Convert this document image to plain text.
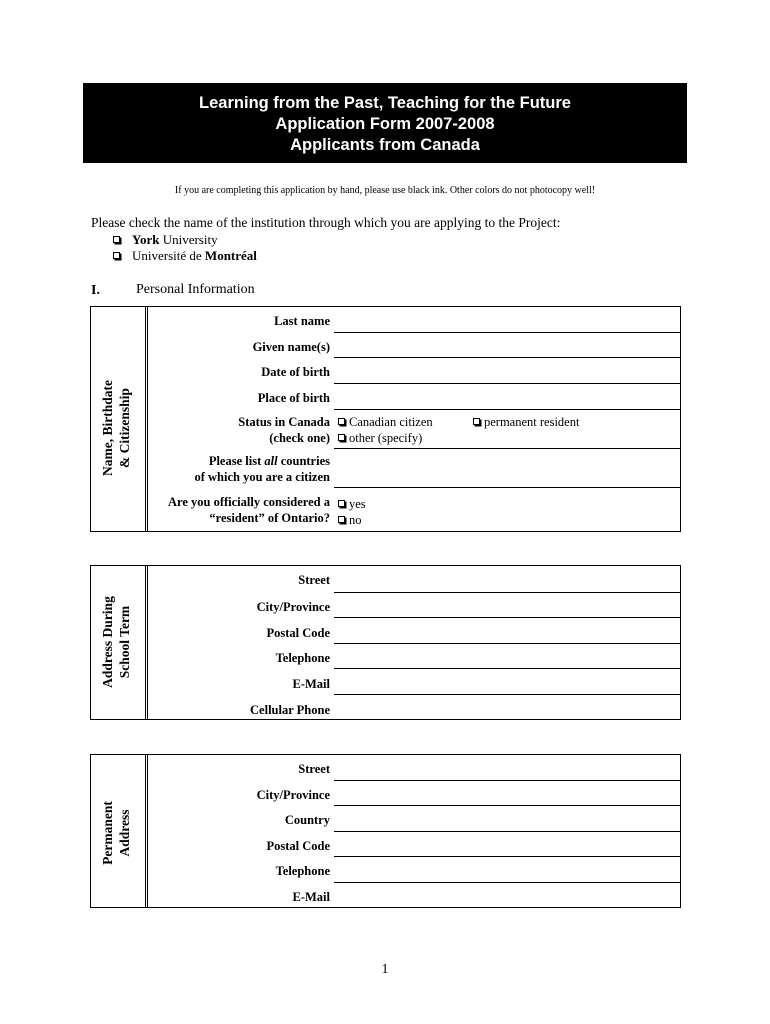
Learning from the Past, Teaching for the Future
Application Form 2007-2008
Applicants from Canada
If you are completing this application by hand, please use black ink. Other colors do not photocopy well!
Please check the name of the institution through which you are applying to the Project:
York University
Université de Montréal
I.	Personal Information
Name, Birthdate & Citizenship
Last name
Given name(s)
Date of birth
Place of birth
Status in Canada
(check one)
Canadian citizen	permanent resident
other (specify)
Please list all countries
of which you are a citizen
Are you officially considered a
“resident” of Ontario?
yes
no
Address During School Term
Street
City/Province
Postal Code
Telephone
E-Mail
Cellular Phone
Permanent Address
Street
City/Province
Country
Postal Code
Telephone
E-Mail
1
